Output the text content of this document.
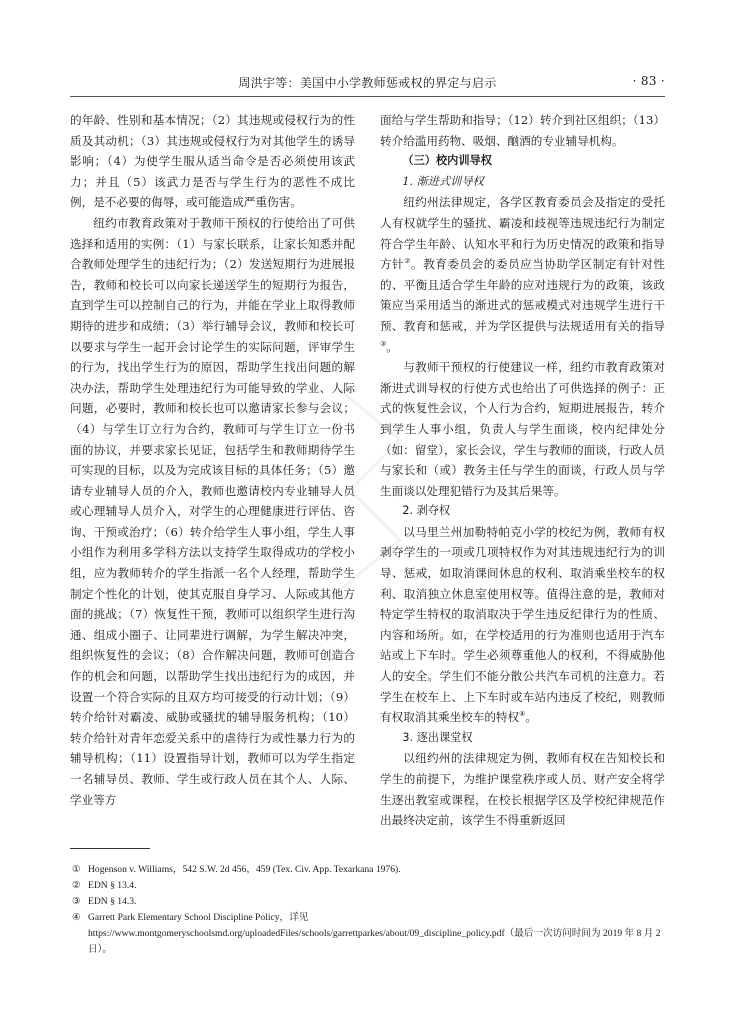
周洪宇等：美国中小学教师惩戒权的界定与启示	· 83 ·

的年龄、性别和基本情况；（2）其违规或侵权行为的性质及其动机；（3）其违规或侵权行为对其他学生的诱导影响；（4）为使学生服从适当命令是否必须使用该武力；并且（5）该武力是否与学生行为的恶性不成比例，是不必要的侮辱，或可能造成严重伤害。

纽约市教育政策对于教师干预权的行使给出了可供选择和适用的实例：（1）与家长联系，让家长知悉并配合教师处理学生的违纪行为；（2）发送短期行为进展报告，教师和校长可以向家长递送学生的短期行为报告，直到学生可以控制自己的行为，并能在学业上取得教师期待的进步和成绩；（3）举行辅导会议，教师和校长可以要求与学生一起开会讨论学生的实际问题，评审学生的行为，找出学生行为的原因，帮助学生找出问题的解决办法，帮助学生处理违纪行为可能导致的学业、人际问题，必要时，教师和校长也可以邀请家长参与会议；（4）与学生订立行为合约，教师可与学生订立一份书面的协议，并要求家长见证，包括学生和教师期待学生可实现的目标，以及为完成该目标的具体任务；（5）邀请专业辅导人员的介入，教师也邀请校内专业辅导人员或心理辅导人员介入，对学生的心理健康进行评估、咨询、干预或治疗；（6）转介给学生人事小组，学生人事小组作为利用多学科方法以支持学生取得成功的学校小组，应为教师转介的学生指派一名个人经理，帮助学生制定个性化的计划，使其克服自身学习、人际或其他方面的挑战；（7）恢复性干预，教师可以组织学生进行沟通、组成小圈子、让同辈进行调解，为学生解决冲突，组织恢复性的会议；（8）合作解决问题，教师可创造合作的机会和问题，以帮助学生找出违纪行为的成因，并设置一个符合实际的且双方均可接受的行动计划；（9）转介给针对霸凌、威胁或骚扰的辅导服务机构；（10）转介给针对青年恋爱关系中的虐待行为或性暴力行为的辅导机构；（11）设置指导计划，教师可以为学生指定一名辅导员、教师、学生或行政人员在其个人、人际、学业等方

面给与学生帮助和指导；（12）转介到社区组织；（13）转介给滥用药物、吸烟、酗酒的专业辅导机构。

（三）校内训导权

1. 渐进式训导权

纽约州法律规定，各学区教育委员会及指定的受托人有权就学生的骚扰、霸凌和歧视等违规违纪行为制定符合学生年龄、认知水平和行为历史情况的政策和指导方针②。教育委员会的委员应当协助学区制定有针对性的、平衡且适合学生年龄的应对违规行为的政策，该政策应当采用适当的渐进式的惩戒模式对违规学生进行干预、教育和惩戒，并为学区提供与法规适用有关的指导③。

与教师干预权的行使建议一样，纽约市教育政策对渐进式训导权的行使方式也给出了可供选择的例子：正式的恢复性会议，个人行为合约，短期进展报告，转介到学生人事小组，负责人与学生面谈，校内纪律处分（如：留堂），家长会议，学生与教师的面谈，行政人员与家长和（或）教务主任与学生的面谈，行政人员与学生面谈以处理犯错行为及其后果等。

2. 剥夺权

以马里兰州加勒特帕克小学的校纪为例，教师有权剥夺学生的一项或几项特权作为对其违规违纪行为的训导、惩戒，如取消课间休息的权利、取消乘坐校车的权利、取消独立休息室使用权等。值得注意的是，教师对特定学生特权的取消取决于学生违反纪律行为的性质、内容和场所。如，在学校适用的行为准则也适用于汽车站或上下车时。学生必须尊重他人的权利，不得威胁他人的安全。学生们不能分散公共汽车司机的注意力。若学生在校车上、上下车时或车站内违反了校纪，则教师有权取消其乘坐校车的特权④。

3. 逐出课堂权

以纽约州的法律规定为例，教师有权在告知校长和学生的前提下，为维护课堂秩序或人员、财产安全将学生逐出教室或课程，在校长根据学区及学校纪律规范作出最终决定前，该学生不得重新返回

① Hogenson v. Williams，542 S.W. 2d 456，459 (Tex. Civ. App. Texarkana 1976).

② EDN § 13.4.

③ EDN § 14.3.

④ Garrett Park Elementary School Discipline Policy，详见 https://www.montgomeryschoolsmd.org/uploadedFiles/schools/garrettparkes/about/09_discipline_policy.pdf（最后一次访问时间为 2019 年 8 月 2 日）。
